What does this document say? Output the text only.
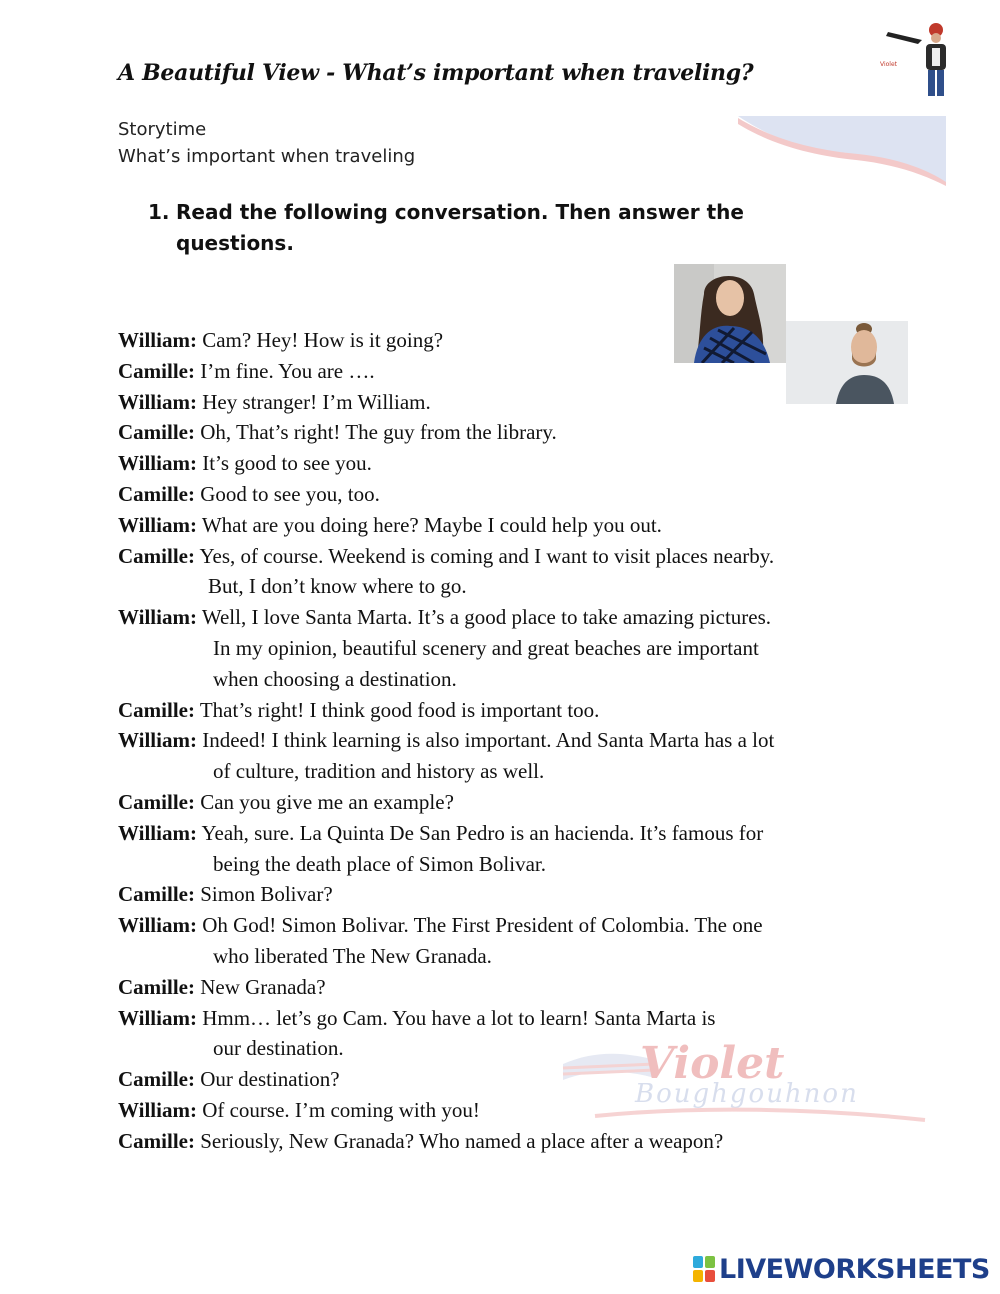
A Beautiful View - What’s important when traveling?
Storytime
What’s important when traveling
Violet
1. Read the following conversation. Then answer the questions.
William: Cam? Hey! How is it going?
Camille: I’m fine. You are ….
William: Hey stranger! I’m William.
Camille: Oh, That’s right! The guy from the library.
William: It’s good to see you.
Camille: Good to see you, too.
William: What are you doing here? Maybe I could help you out.
Camille: Yes, of course. Weekend is coming and I want to visit places nearby.
But, I don’t know where to go.
William: Well, I love Santa Marta. It’s a good place to take amazing pictures.
In my opinion, beautiful scenery and great beaches are important
when choosing a destination.
Camille: That’s right! I think good food is important too.
William: Indeed! I think learning is also important. And Santa Marta has a lot
of culture, tradition and history as well.
Camille: Can you give me an example?
William: Yeah, sure. La Quinta De San Pedro is an hacienda. It’s famous for
being the death place of Simon Bolivar.
Camille: Simon Bolivar?
William: Oh God! Simon Bolivar. The First President of Colombia. The one
who liberated The New Granada.
Camille: New Granada?
William: Hmm… let’s go Cam. You have a lot to learn! Santa Marta is
our destination.
Camille: Our destination?
William: Of course. I’m coming with you!
Camille: Seriously, New Granada? Who named a place after a weapon?
Violet
Boughgouhnon
LIVEWORKSHEETS
